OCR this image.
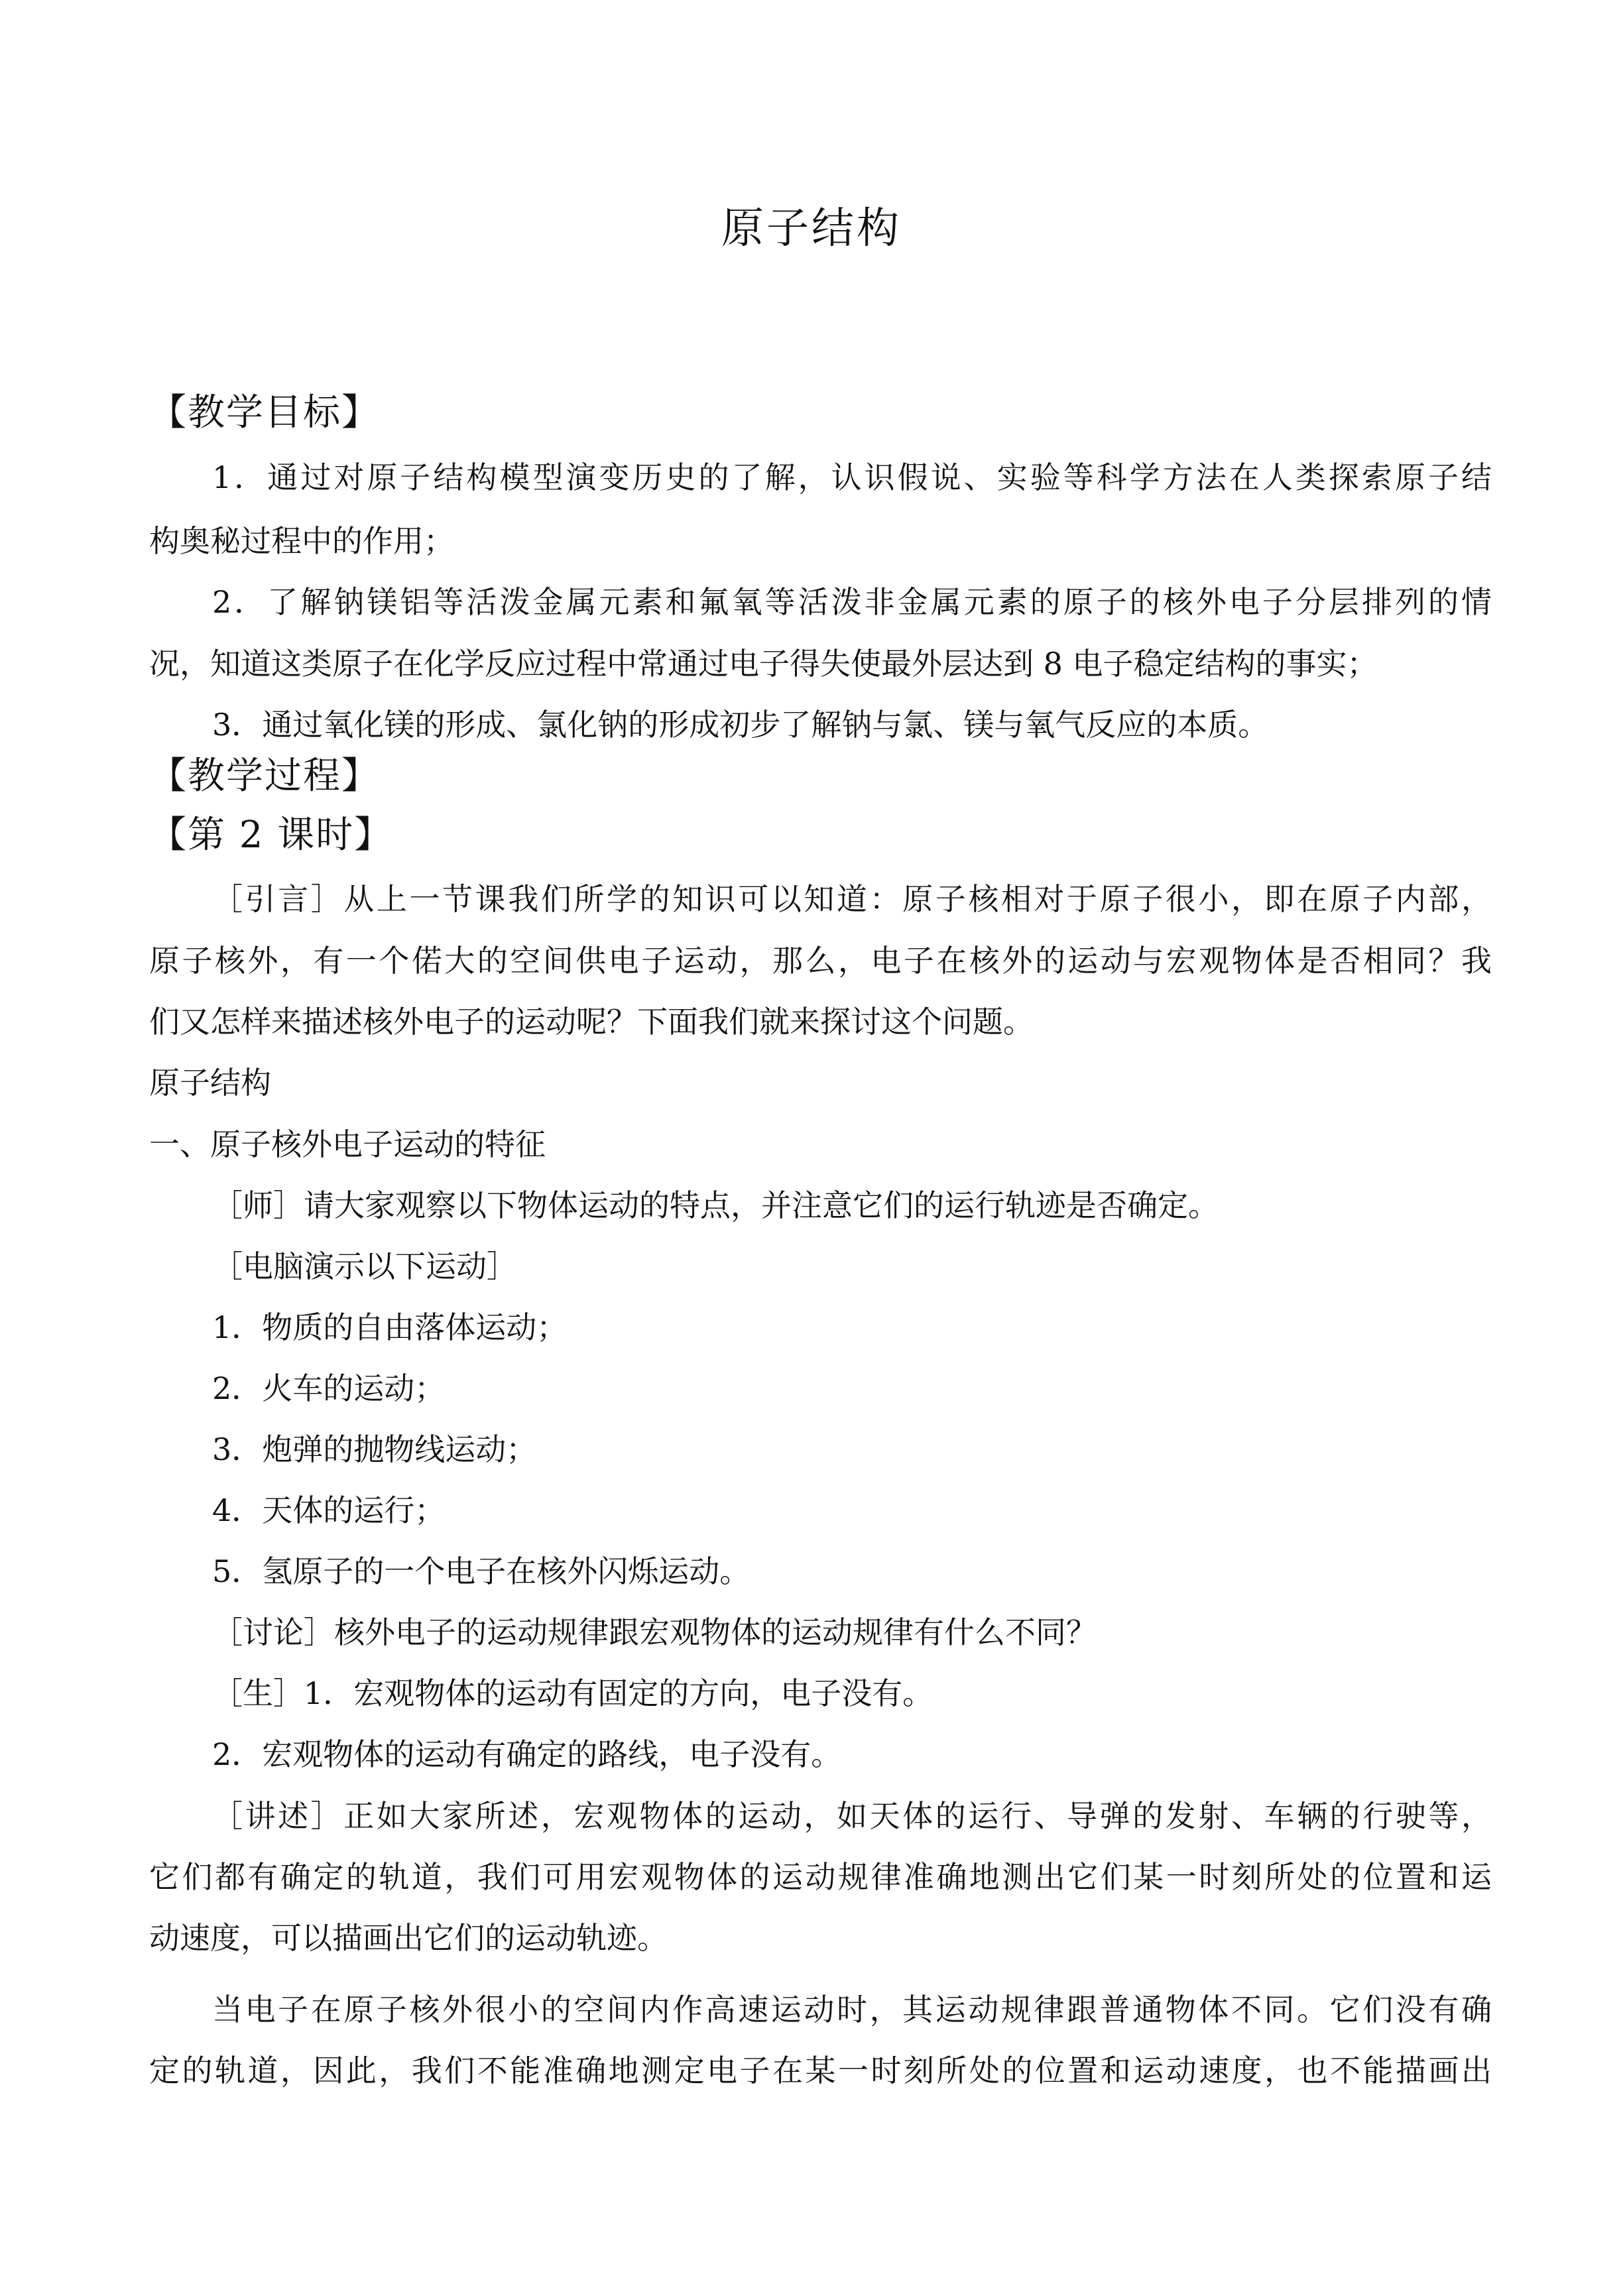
原子结构
【教学目标】
1．通过对原子结构模型演变历史的了解，认识假说、实验等科学方法在人类探索原子结
构奥秘过程中的作用；
2．了解钠镁铝等活泼金属元素和氟氧等活泼非金属元素的原子的核外电子分层排列的情
况，知道这类原子在化学反应过程中常通过电子得失使最外层达到 8 电子稳定结构的事实；
3．通过氧化镁的形成、氯化钠的形成初步了解钠与氯、镁与氧气反应的本质。
【教学过程】
【第 2 课时】
［引言］从上一节课我们所学的知识可以知道：原子核相对于原子很小，即在原子内部，
原子核外，有一个偌大的空间供电子运动，那么，电子在核外的运动与宏观物体是否相同？我
们又怎样来描述核外电子的运动呢？下面我们就来探讨这个问题。
原子结构
一、原子核外电子运动的特征
［师］请大家观察以下物体运动的特点，并注意它们的运行轨迹是否确定。
［电脑演示以下运动］
1．物质的自由落体运动；
2．火车的运动；
3．炮弹的抛物线运动；
4．天体的运行；
5．氢原子的一个电子在核外闪烁运动。
［讨论］核外电子的运动规律跟宏观物体的运动规律有什么不同？
［生］1．宏观物体的运动有固定的方向，电子没有。
2．宏观物体的运动有确定的路线，电子没有。
［讲述］正如大家所述，宏观物体的运动，如天体的运行、导弹的发射、车辆的行驶等，
它们都有确定的轨道，我们可用宏观物体的运动规律准确地测出它们某一时刻所处的位置和运
动速度，可以描画出它们的运动轨迹。
当电子在原子核外很小的空间内作高速运动时，其运动规律跟普通物体不同。它们没有确
定的轨道，因此，我们不能准确地测定电子在某一时刻所处的位置和运动速度，也不能描画出
